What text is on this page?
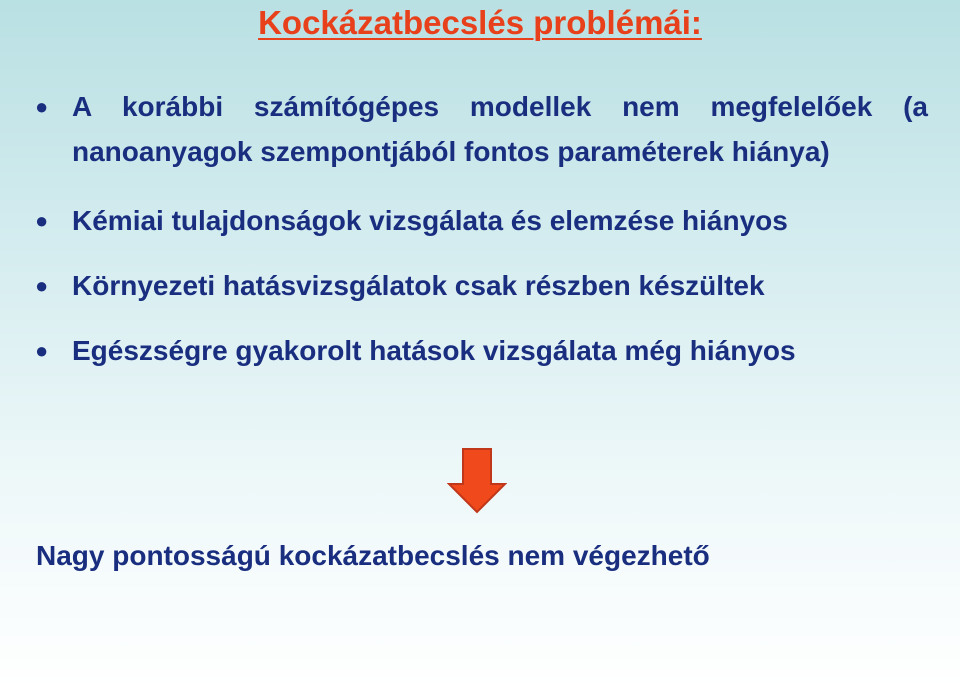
Kockázatbecslés problémái:
● A korábbi számítógépes modellek nem megfelelőek (a nanoanyagok szempontjából fontos paraméterek hiánya)
● Kémiai tulajdonságok vizsgálata és elemzése hiányos
● Környezeti hatásvizsgálatok csak részben készültek
● Egészségre gyakorolt hatások vizsgálata még hiányos
Nagy pontosságú kockázatbecslés nem végezhető
